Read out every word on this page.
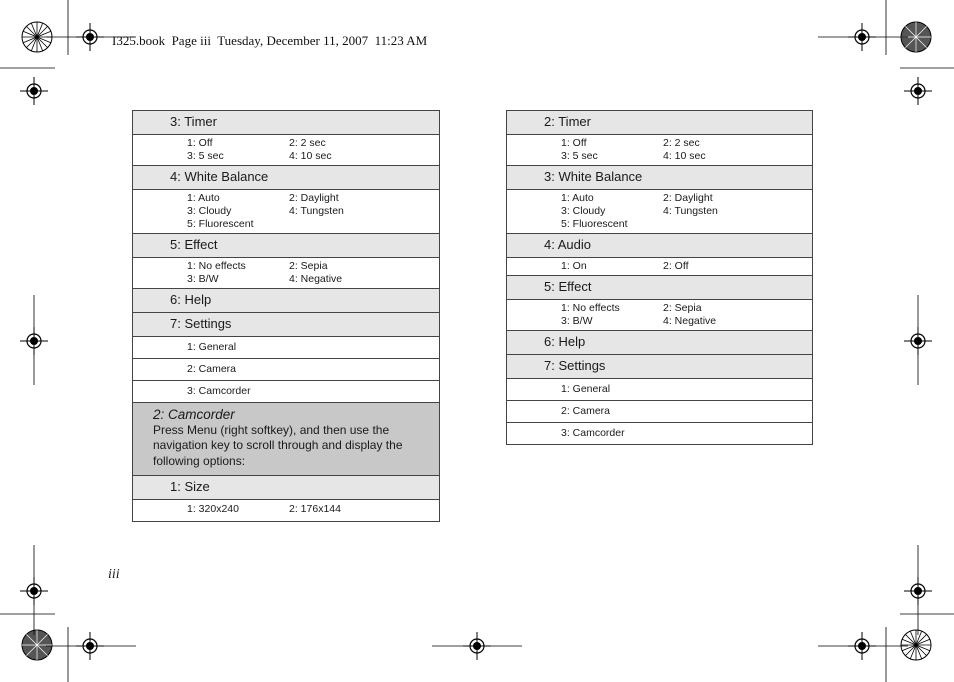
I325.book  Page iii  Tuesday, December 11, 2007  11:23 AM
iii
3: Timer

1: Off	2: 2 sec
3: 5 sec	4: 10 sec

4: White Balance

1: Auto	2: Daylight
3: Cloudy	4: Tungsten
5: Fluorescent

5: Effect

1: No effects	2: Sepia
3: B/W	4: Negative

6: Help

7: Settings

1: General

2: Camera

3: Camcorder

2: Camcorder
Press Menu (right softkey), and then use the navigation key to scroll through and display the following options:

1: Size

1: 320x240	2: 176x144
2: Timer

1: Off	2: 2 sec
3: 5 sec	4: 10 sec

3: White Balance

1: Auto	2: Daylight
3: Cloudy	4: Tungsten
5: Fluorescent

4: Audio

1: On	2: Off

5: Effect

1: No effects	2: Sepia
3: B/W	4: Negative

6: Help

7: Settings

1: General

2: Camera

3: Camcorder
